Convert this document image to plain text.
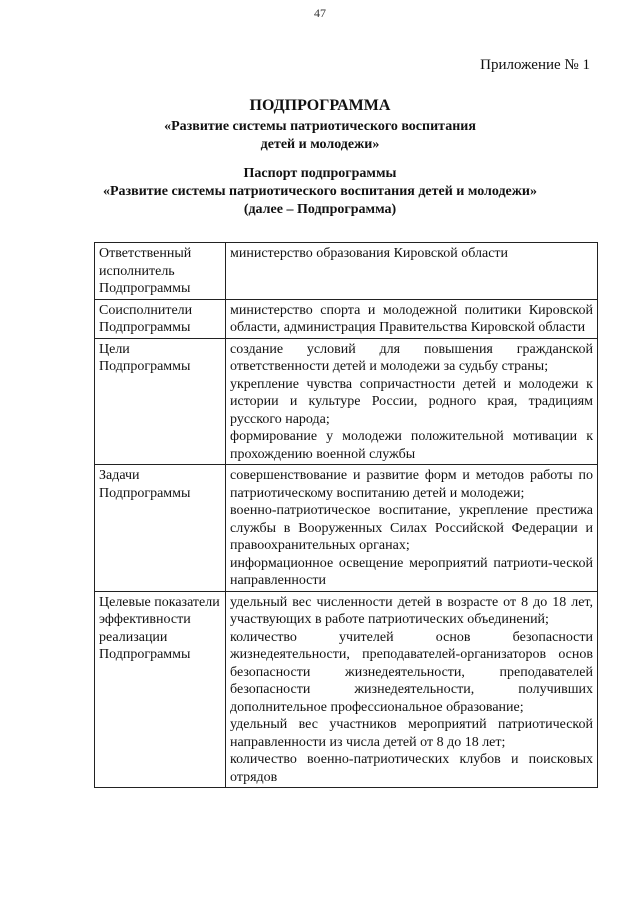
47
Приложение № 1
ПОДПРОГРАММА
«Развитие системы патриотического воспитания
детей и молодежи»
Паспорт подпрограммы
«Развитие системы патриотического воспитания детей и молодежи»
(далее – Подпрограмма)
Ответственный исполнитель Подпрограммы	министерство образования Кировской области

Соисполнители Подпрограммы	министерство спорта и молодежной политики Кировской области, администрация Правительства Кировской области

Цели Подпрограммы	создание условий для повышения гражданской ответственности детей и молодежи за судьбу страны;
укрепление чувства сопричастности детей и молодежи к истории и культуре России, родного края, традициям русского народа;
формирование у молодежи положительной мотивации к прохождению военной службы

Задачи Подпрограммы	совершенствование и развитие форм и методов работы по патриотическому воспитанию детей и молодежи;
военно-патриотическое воспитание, укрепление престижа службы в Вооруженных Силах Российской Федерации и правоохранительных органах;
информационное освещение мероприятий патриоти-ческой направленности

Целевые показатели эффективности реализации Подпрограммы	удельный вес численности детей в возрасте от 8 до 18 лет, участвующих в работе патриотических объединений;
количество учителей основ безопасности жизнедеятельности, преподавателей-организаторов основ безопасности жизнедеятельности, преподавателей безопасности жизнедеятельности, получивших дополнительное профессиональное образование;
удельный вес участников мероприятий патриотической направленности из числа детей от 8 до 18 лет;
количество военно-патриотических клубов и поисковых отрядов
